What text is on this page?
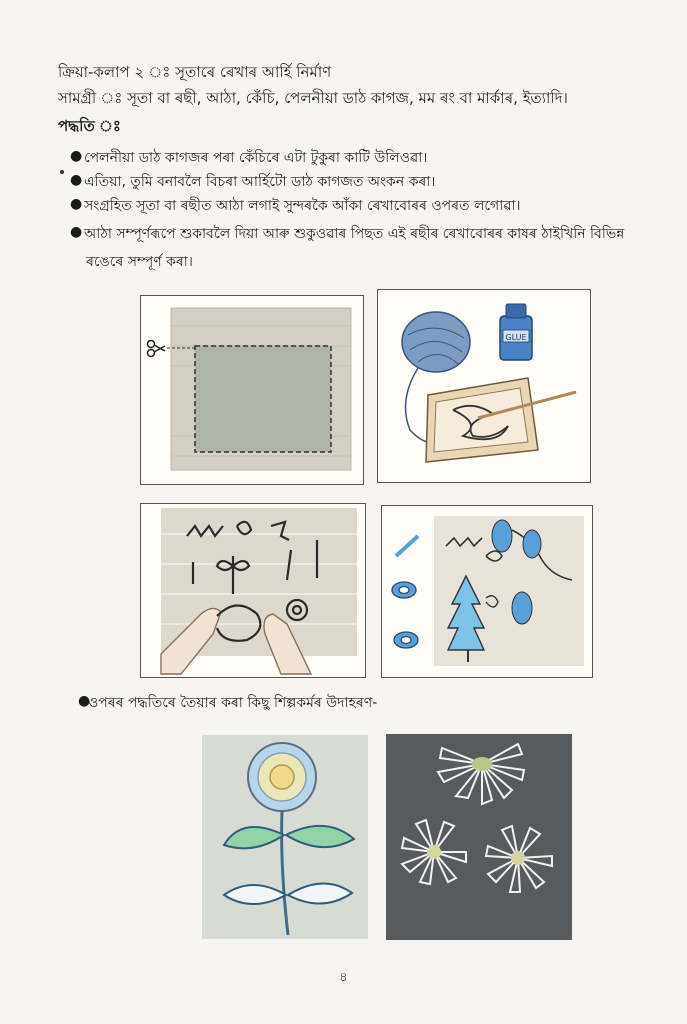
ক্ৰিয়া-কলাপ ২ ঃ সূতাৰে ৰেখাৰ আৰ্হি নিৰ্মাণ
সামগ্ৰী ঃ সূতা বা ৰছী, আঠা, কেঁচি, পেলনীয়া ডাঠ কাগজ, মম ৰং বা মাৰ্কাৰ, ইত্যাদি।
পদ্ধতি ঃ
● পেলনীয়া ডাঠ কাগজৰ পৰা কেঁচিৰে এটা টুকুৰা কাটি উলিওৱা।
● এতিয়া, তুমি বনাবলৈ বিচৰা আৰ্হিটো ডাঠ কাগজত অংকন কৰা।
● সংগ্ৰহিত সূতা বা ৰছীত আঠা লগাই সুন্দৰকৈ আঁকা ৰেখাবোৰৰ ওপৰত লগোৱা।
● আঠা সম্পূৰ্ণৰূপে শুকাবলৈ দিয়া আৰু শুকুওৱাৰ পিছত এই ৰছীৰ ৰেখাবোৰৰ কাষৰ ঠাইখিনি বিভিন্ন
ৰঙেৰে সম্পূৰ্ণ কৰা।
GLUE
●
ওপৰৰ পদ্ধতিৰে তৈয়াৰ কৰা কিছু শিল্পকৰ্মৰ উদাহৰণ-
৪
